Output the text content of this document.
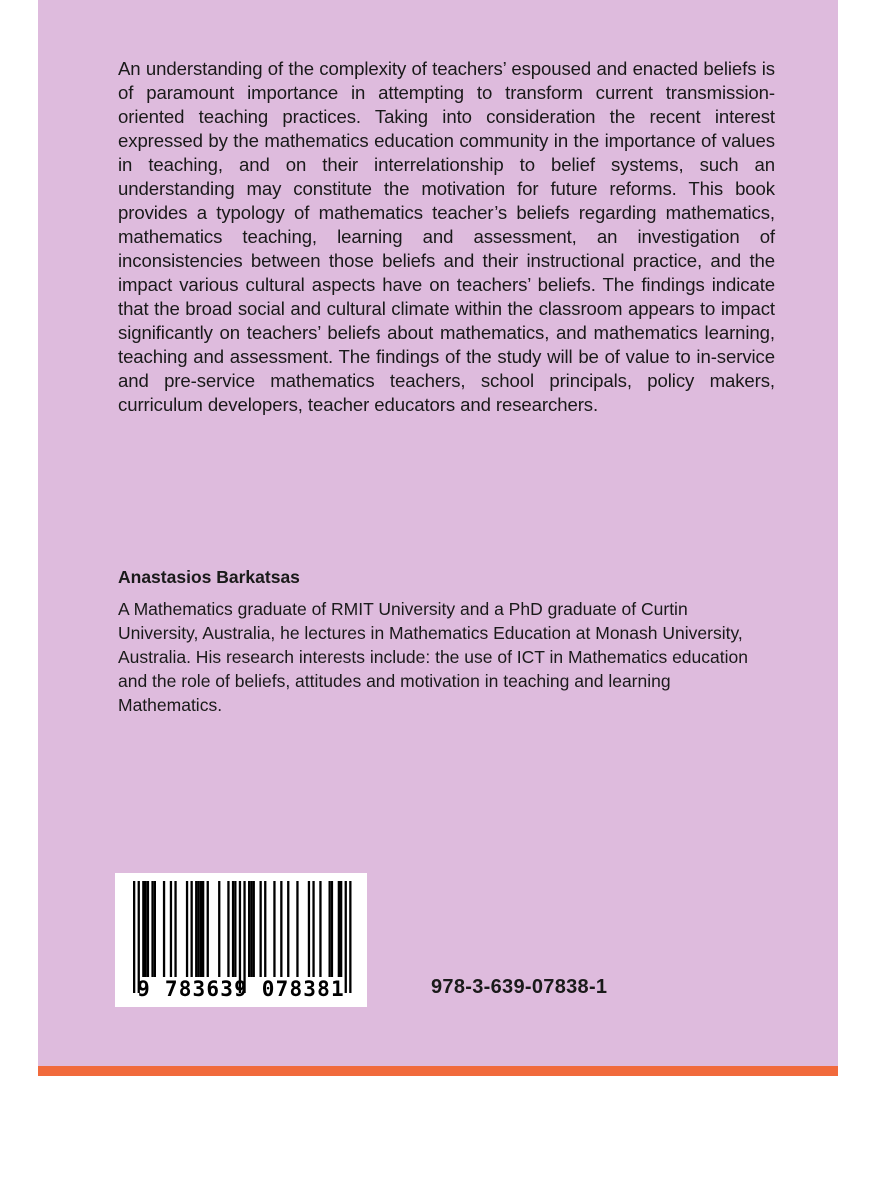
An understanding of the complexity of teachers’ espoused and enacted beliefs is of paramount importance in attempting to transform current transmission-oriented teaching practices. Taking into consideration the recent interest expressed by the mathematics education community in the importance of values in teaching, and on their interrelationship to belief systems, such an understanding may constitute the motivation for future reforms. This book provides a typology of mathematics teacher’s beliefs regarding mathematics, mathematics teaching, learning and assessment, an investigation of inconsistencies between those beliefs and their instructional practice, and the impact various cultural aspects have on teachers’ beliefs. The findings indicate that the broad social and cultural climate within the classroom appears to impact significantly on teachers’ beliefs about mathematics, and mathematics learning, teaching and assessment. The findings of the study will be of value to in-service and pre-service mathematics teachers, school principals, policy makers, curriculum developers, teacher educators and researchers.

Anastasios Barkatsas

A Mathematics graduate of RMIT University and a PhD graduate of Curtin University, Australia, he lectures in Mathematics Education at Monash University, Australia. His research interests include: the use of ICT in Mathematics education and the role of beliefs, attitudes and motivation in teaching and learning Mathematics.

9 783639 078381	978-3-639-07838-1
